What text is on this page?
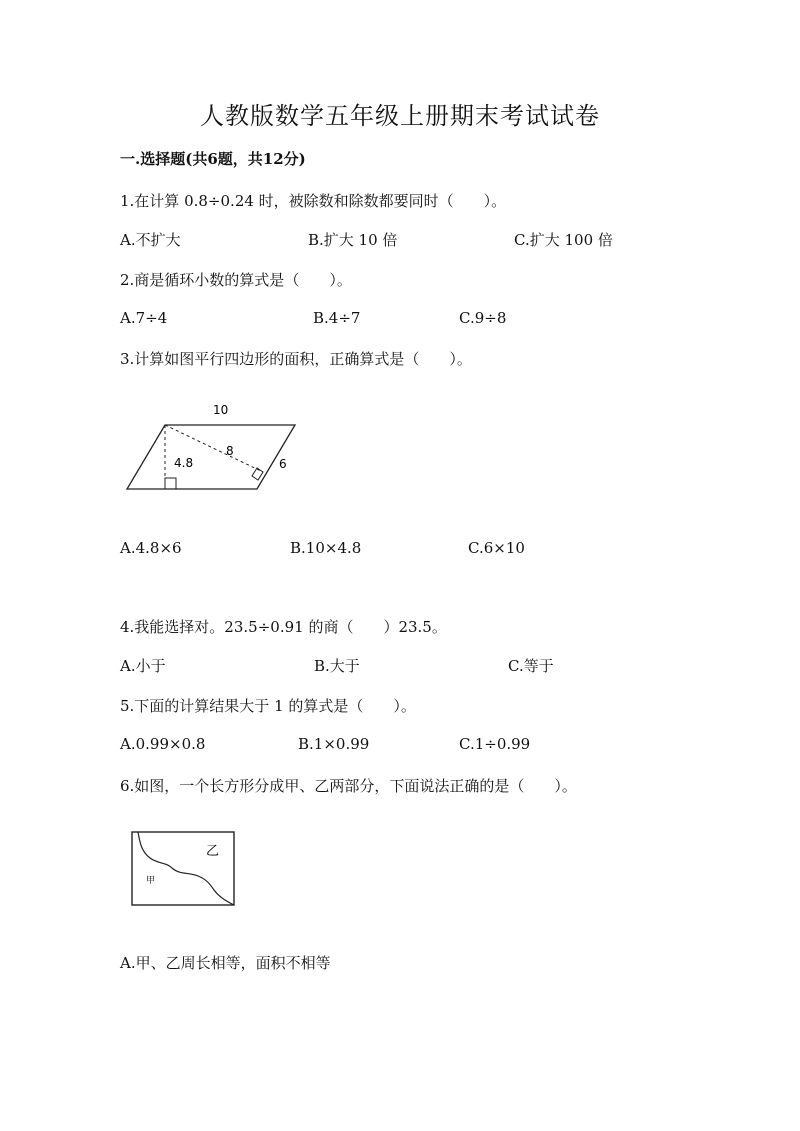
人教版数学五年级上册期末考试试卷
一.选择题(共6题，共12分)
1.在计算 0.8÷0.24 时，被除数和除数都要同时（　　）。
A.不扩大	B.扩大 10 倍	C.扩大 100 倍
2.商是循环小数的算式是（　　）。
A.7÷4	B.4÷7	C.9÷8
3.计算如图平行四边形的面积，正确算式是（　　）。
10
4.8
8
6
A.4.8×6	B.10×4.8	C.6×10
4.我能选择对。23.5÷0.91 的商（　　）23.5。
A.小于	B.大于	C.等于
5.下面的计算结果大于 1 的算式是（　　）。
A.0.99×0.8	B.1×0.99	C.1÷0.99
6.如图，一个长方形分成甲、乙两部分，下面说法正确的是（　　）。
甲
乙
A.甲、乙周长相等，面积不相等
